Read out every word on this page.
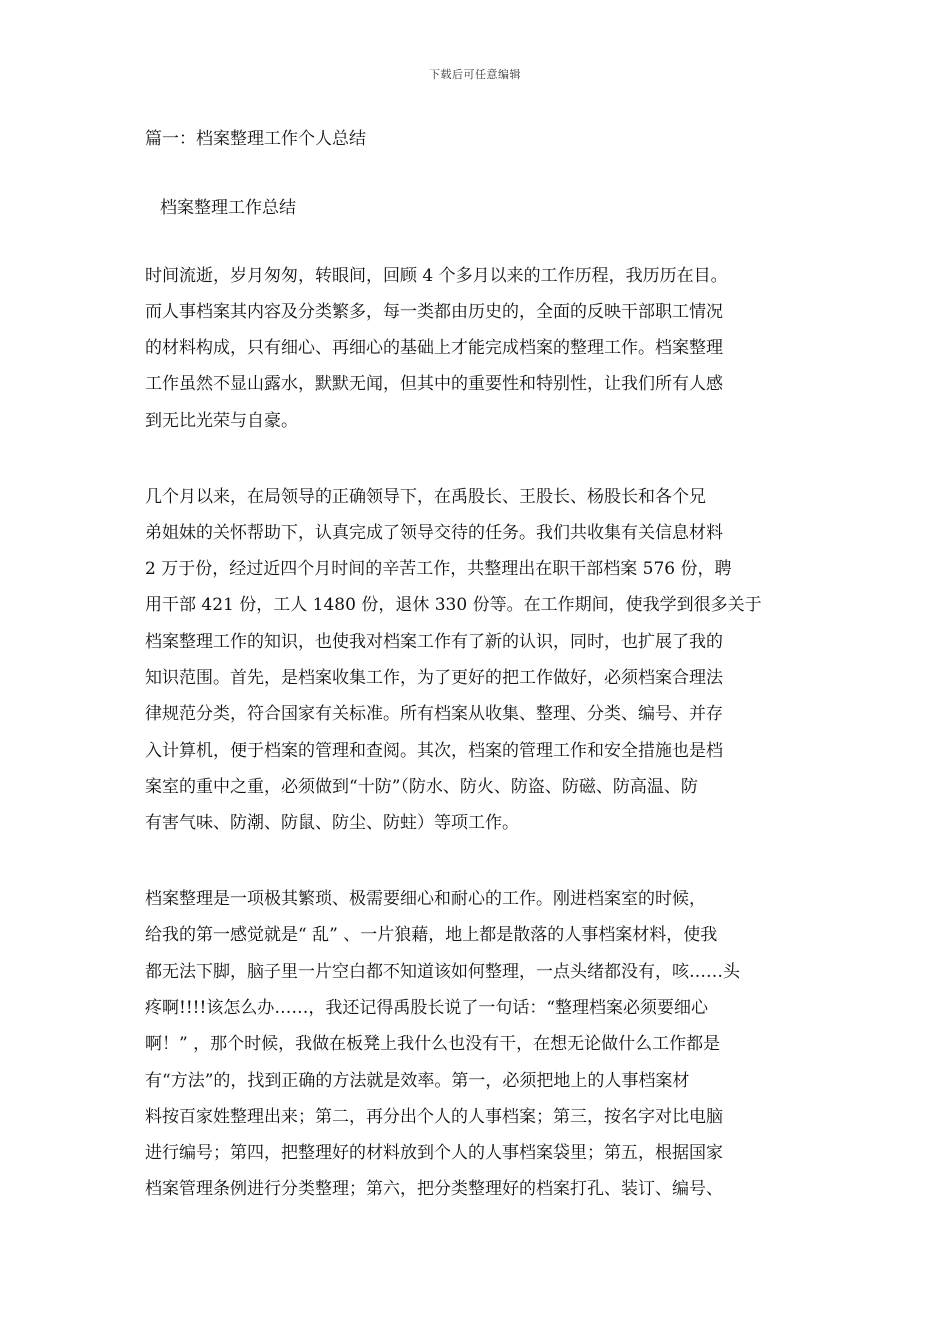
下载后可任意编辑
篇一：档案整理工作个人总结
档案整理工作总结
时间流逝，岁月匆匆，转眼间，回顾 4 个多月以来的工作历程，我历历在目。
而人事档案其内容及分类繁多，每一类都由历史的，全面的反映干部职工情况
的材料构成，只有细心、再细心的基础上才能完成档案的整理工作。档案整理
工作虽然不显山露水，默默无闻，但其中的重要性和特别性，让我们所有人感
到无比光荣与自豪。
几个月以来，在局领导的正确领导下，在禹股长、王股长、杨股长和各个兄
弟姐妹的关怀帮助下，认真完成了领导交待的任务。我们共收集有关信息材料
2 万于份，经过近四个月时间的辛苦工作，共整理出在职干部档案 576 份，聘
用干部 421 份，工人 1480 份，退休 330 份等。在工作期间，使我学到很多关于
档案整理工作的知识，也使我对档案工作有了新的认识，同时，也扩展了我的
知识范围。首先，是档案收集工作，为了更好的把工作做好，必须档案合理法
律规范分类，符合国家有关标准。所有档案从收集、整理、分类、编号、并存
入计算机，便于档案的管理和查阅。其次，档案的管理工作和安全措施也是档
案室的重中之重，必须做到“十防”（防水、防火、防盗、防磁、防高温、防
有害气味、防潮、防鼠、防尘、防蛀）等项工作。
档案整理是一项极其繁琐、极需要细心和耐心的工作。刚进档案室的时候，
给我的第一感觉就是“ 乱” 、一片狼藉，地上都是散落的人事档案材料，使我
都无法下脚，脑子里一片空白都不知道该如何整理，一点头绪都没有，咳……头
疼啊!!!!该怎么办……，我还记得禹股长说了一句话：“整理档案必须要细心
啊！” ，那个时候，我做在板凳上我什么也没有干，在想无论做什么工作都是
有“方法”的，找到正确的方法就是效率。第一，必须把地上的人事档案材
料按百家姓整理出来；第二，再分出个人的人事档案；第三，按名字对比电脑
进行编号；第四，把整理好的材料放到个人的人事档案袋里；第五，根据国家
档案管理条例进行分类整理；第六，把分类整理好的档案打孔、装订、编号、
